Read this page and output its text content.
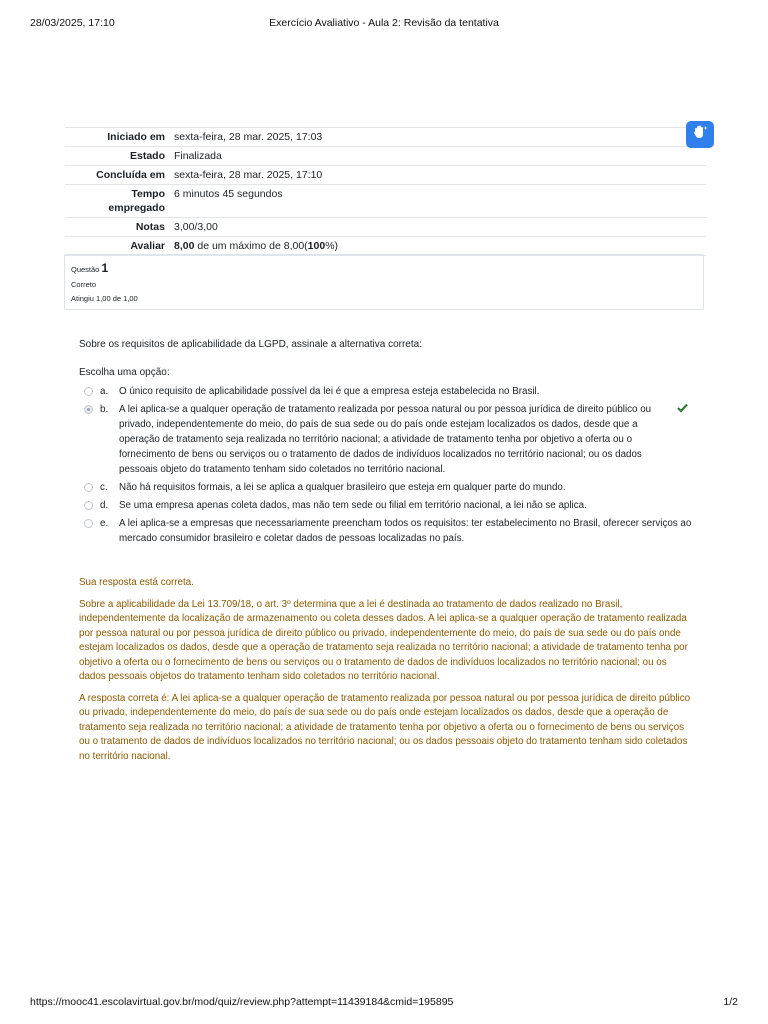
28/03/2025, 17:10	Exercício Avaliativo - Aula 2: Revisão da tentativa
Iniciado em	sexta-feira, 28 mar. 2025, 17:03
Estado	Finalizada
Concluída em	sexta-feira, 28 mar. 2025, 17:10
Tempo
empregado	6 minutos 45 segundos
Notas	3,00/3,00
Avaliar	8,00 de um máximo de 8,00(100%)
Questão 1
Correto
Atingiu 1,00 de 1,00
Sobre os requisitos de aplicabilidade da LGPD, assinale a alternativa correta:
Escolha uma opção:
a. O único requisito de aplicabilidade possível da lei é que a empresa esteja estabelecida no Brasil.
b. A lei aplica-se a qualquer operação de tratamento realizada por pessoa natural ou por pessoa jurídica de direito público ou privado, independentemente do meio, do país de sua sede ou do país onde estejam localizados os dados, desde que a operação de tratamento seja realizada no território nacional; a atividade de tratamento tenha por objetivo a oferta ou o fornecimento de bens ou serviços ou o tratamento de dados de indivíduos localizados no território nacional; ou os dados pessoais objeto do tratamento tenham sido coletados no território nacional.
c. Não há requisitos formais, a lei se aplica a qualquer brasileiro que esteja em qualquer parte do mundo.
d. Se uma empresa apenas coleta dados, mas não tem sede ou filial em território nacional, a lei não se aplica.
e. A lei aplica-se a empresas que necessariamente preencham todos os requisitos: ter estabelecimento no Brasil, oferecer serviços ao mercado consumidor brasileiro e coletar dados de pessoas localizadas no país.

Sua resposta está correta.

Sobre a aplicabilidade da Lei 13.709/18, o art. 3º determina que a lei é destinada ao tratamento de dados realizado no Brasil, independentemente da localização de armazenamento ou coleta desses dados. A lei aplica-se a qualquer operação de tratamento realizada por pessoa natural ou por pessoa jurídica de direito público ou privado, independentemente do meio, do país de sua sede ou do país onde estejam localizados os dados, desde que a operação de tratamento seja realizada no território nacional; a atividade de tratamento tenha por objetivo a oferta ou o fornecimento de bens ou serviços ou o tratamento de dados de indivíduos localizados no território nacional; ou os dados pessoais objetos do tratamento tenham sido coletados no território nacional.

A resposta correta é: A lei aplica-se a qualquer operação de tratamento realizada por pessoa natural ou por pessoa jurídica de direito público ou privado, independentemente do meio, do país de sua sede ou do país onde estejam localizados os dados, desde que a operação de tratamento seja realizada no território nacional; a atividade de tratamento tenha por objetivo a oferta ou o fornecimento de bens ou serviços ou o tratamento de dados de indivíduos localizados no território nacional; ou os dados pessoais objeto do tratamento tenham sido coletados no território nacional.

https://mooc41.escolavirtual.gov.br/mod/quiz/review.php?attempt=11439184&cmid=195895	1/2
